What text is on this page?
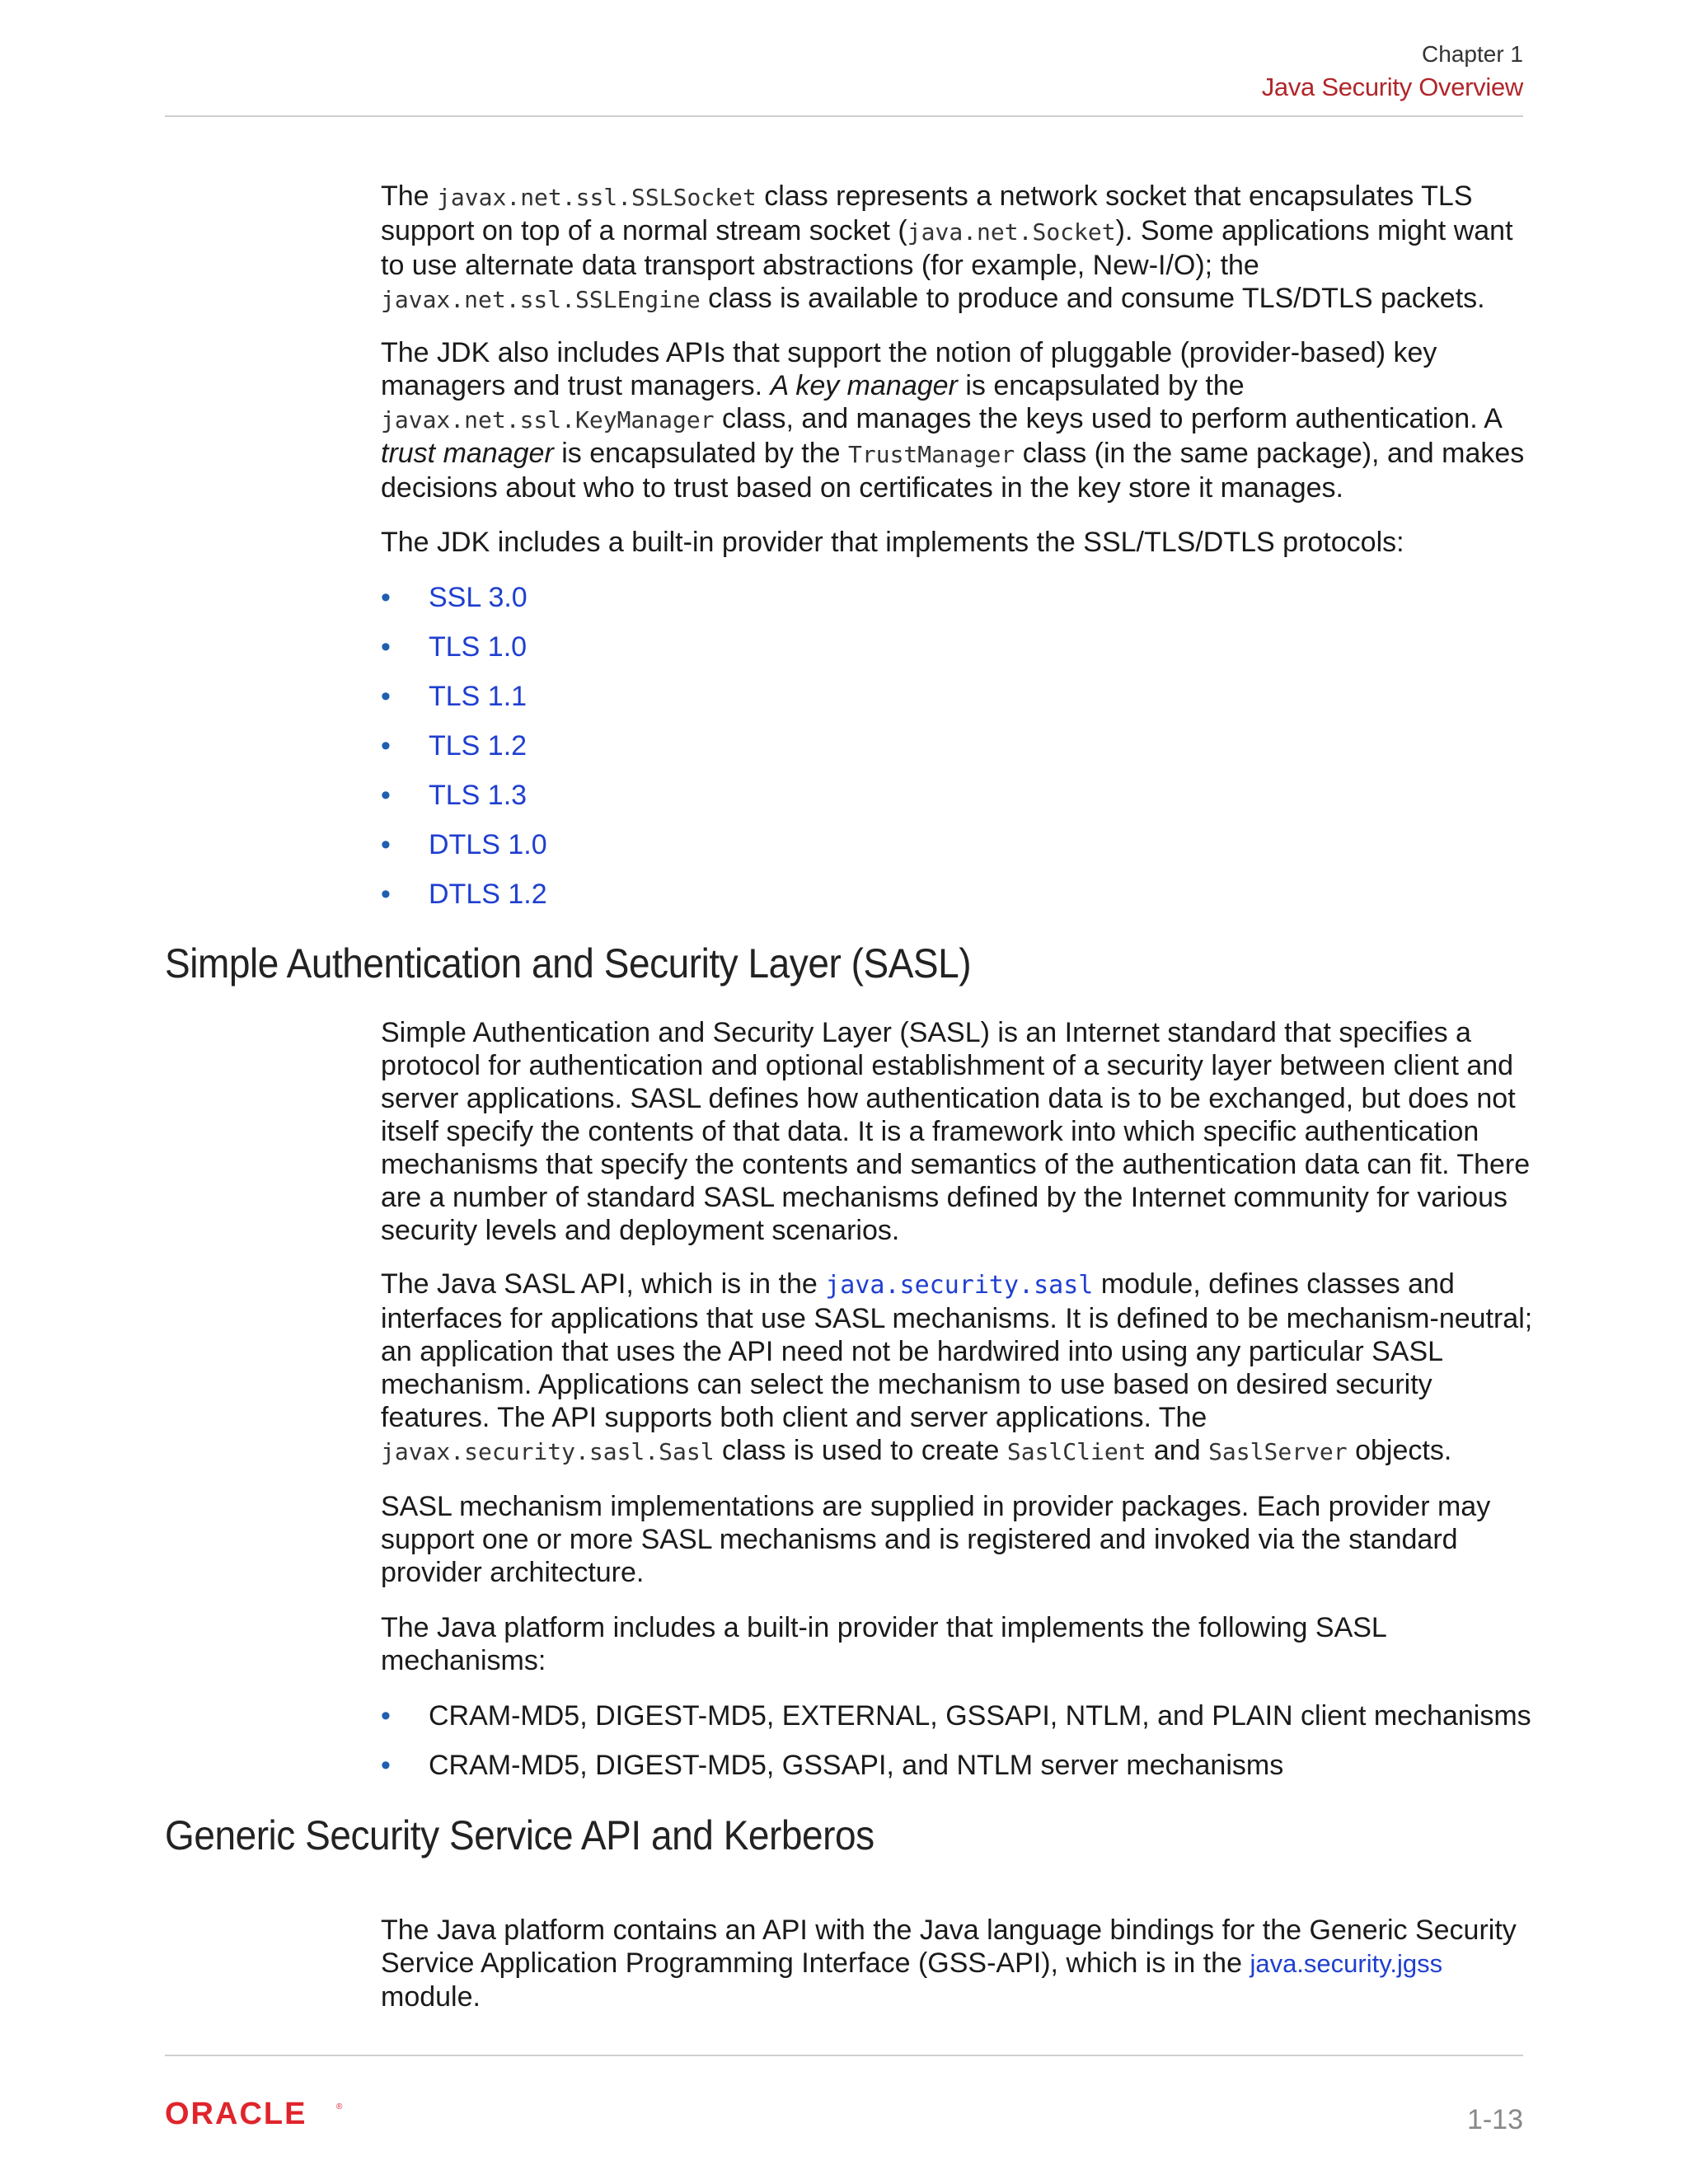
Chapter 1
Java Security Overview

The javax.net.ssl.SSLSocket class represents a network socket that encapsulates TLS support on top of a normal stream socket (java.net.Socket). Some applications might want to use alternate data transport abstractions (for example, New-I/O); the javax.net.ssl.SSLEngine class is available to produce and consume TLS/DTLS packets.

The JDK also includes APIs that support the notion of pluggable (provider-based) key managers and trust managers. A key manager is encapsulated by the javax.net.ssl.KeyManager class, and manages the keys used to perform authentication. A trust manager is encapsulated by the TrustManager class (in the same package), and makes decisions about who to trust based on certificates in the key store it manages.

The JDK includes a built-in provider that implements the SSL/TLS/DTLS protocols:

• SSL 3.0
• TLS 1.0
• TLS 1.1
• TLS 1.2
• TLS 1.3
• DTLS 1.0
• DTLS 1.2
Simple Authentication and Security Layer (SASL)

Simple Authentication and Security Layer (SASL) is an Internet standard that specifies a protocol for authentication and optional establishment of a security layer between client and server applications. SASL defines how authentication data is to be exchanged, but does not itself specify the contents of that data. It is a framework into which specific authentication mechanisms that specify the contents and semantics of the authentication data can fit. There are a number of standard SASL mechanisms defined by the Internet community for various security levels and deployment scenarios.

The Java SASL API, which is in the java.security.sasl module, defines classes and interfaces for applications that use SASL mechanisms. It is defined to be mechanism-neutral; an application that uses the API need not be hardwired into using any particular SASL mechanism. Applications can select the mechanism to use based on desired security features. The API supports both client and server applications. The javax.security.sasl.Sasl class is used to create SaslClient and SaslServer objects.

SASL mechanism implementations are supplied in provider packages. Each provider may support one or more SASL mechanisms and is registered and invoked via the standard provider architecture.

The Java platform includes a built-in provider that implements the following SASL mechanisms:

• CRAM-MD5, DIGEST-MD5, EXTERNAL, GSSAPI, NTLM, and PLAIN client mechanisms
• CRAM-MD5, DIGEST-MD5, GSSAPI, and NTLM server mechanisms
Generic Security Service API and Kerberos

The Java platform contains an API with the Java language bindings for the Generic Security Service Application Programming Interface (GSS-API), which is in the java.security.jgss module.

ORACLE	®	1-13
